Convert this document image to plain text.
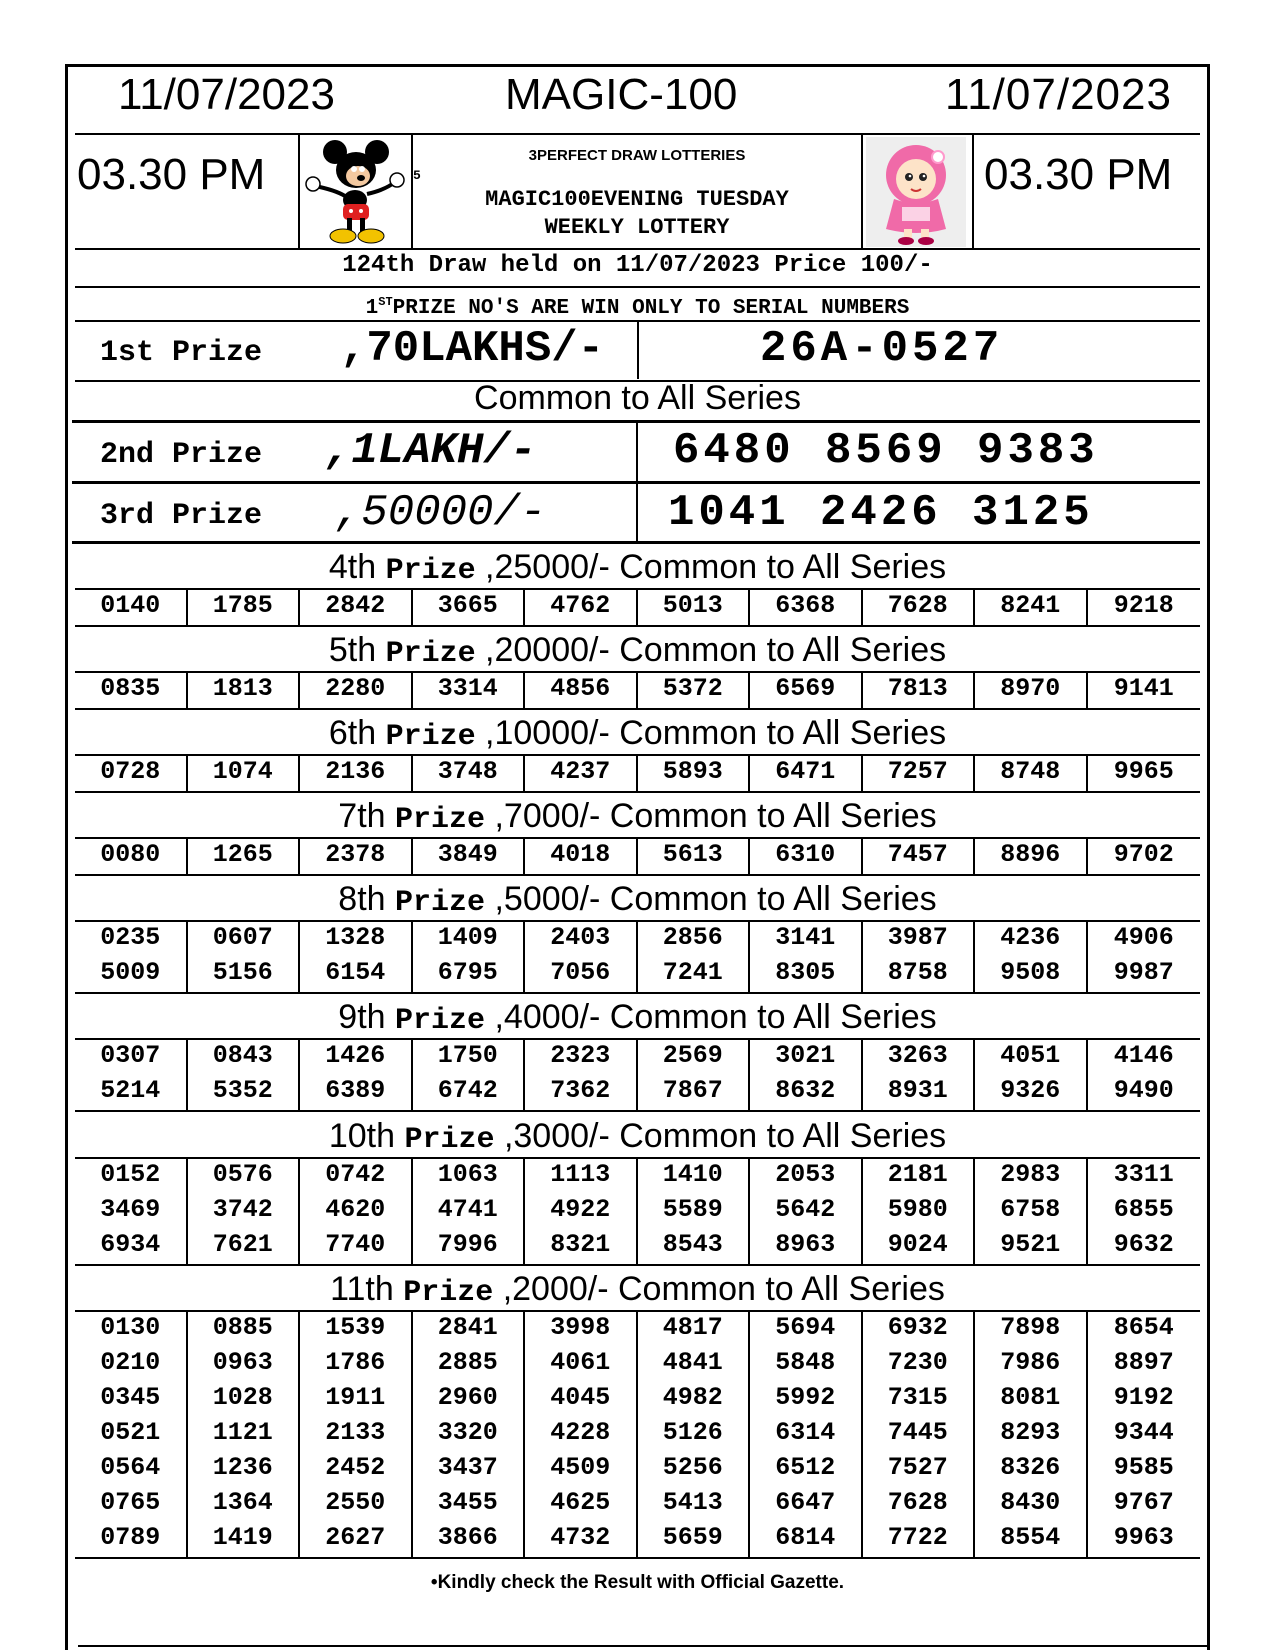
11/07/2023	MAGIC-100	11/07/2023
03.30 PM	5
3PERFECT DRAW LOTTERIES
MAGIC100EVENING TUESDAY
WEEKLY LOTTERY
03.30 PM
124th Draw held on 11/07/2023 Price 100/-
1STPRIZE NO'S ARE WIN ONLY TO SERIAL NUMBERS
1st Prize ,70LAKHS/-	26A-0527
Common to All Series
2nd Prize ,1LAKH/-	6480 8569 9383
3rd Prize ,50000/-	1041 2426 3125
4th Prize ,25000/- Common to All Series
0140	1785	2842	3665	4762	5013	6368	7628	8241	9218
5th Prize ,20000/- Common to All Series
0835	1813	2280	3314	4856	5372	6569	7813	8970	9141
6th Prize ,10000/- Common to All Series
0728	1074	2136	3748	4237	5893	6471	7257	8748	9965
7th Prize ,7000/- Common to All Series
0080	1265	2378	3849	4018	5613	6310	7457	8896	9702
8th Prize ,5000/- Common to All Series
0235	0607	1328	1409	2403	2856	3141	3987	4236	4906
5009	5156	6154	6795	7056	7241	8305	8758	9508	9987
9th Prize ,4000/- Common to All Series
0307	0843	1426	1750	2323	2569	3021	3263	4051	4146
5214	5352	6389	6742	7362	7867	8632	8931	9326	9490
10th Prize ,3000/- Common to All Series
0152	0576	0742	1063	1113	1410	2053	2181	2983	3311
3469	3742	4620	4741	4922	5589	5642	5980	6758	6855
6934	7621	7740	7996	8321	8543	8963	9024	9521	9632
11th Prize ,2000/- Common to All Series
0130	0885	1539	2841	3998	4817	5694	6932	7898	8654
0210	0963	1786	2885	4061	4841	5848	7230	7986	8897
0345	1028	1911	2960	4045	4982	5992	7315	8081	9192
0521	1121	2133	3320	4228	5126	6314	7445	8293	9344
0564	1236	2452	3437	4509	5256	6512	7527	8326	9585
0765	1364	2550	3455	4625	5413	6647	7628	8430	9767
0789	1419	2627	3866	4732	5659	6814	7722	8554	9963
•Kindly check the Result with Official Gazette.
